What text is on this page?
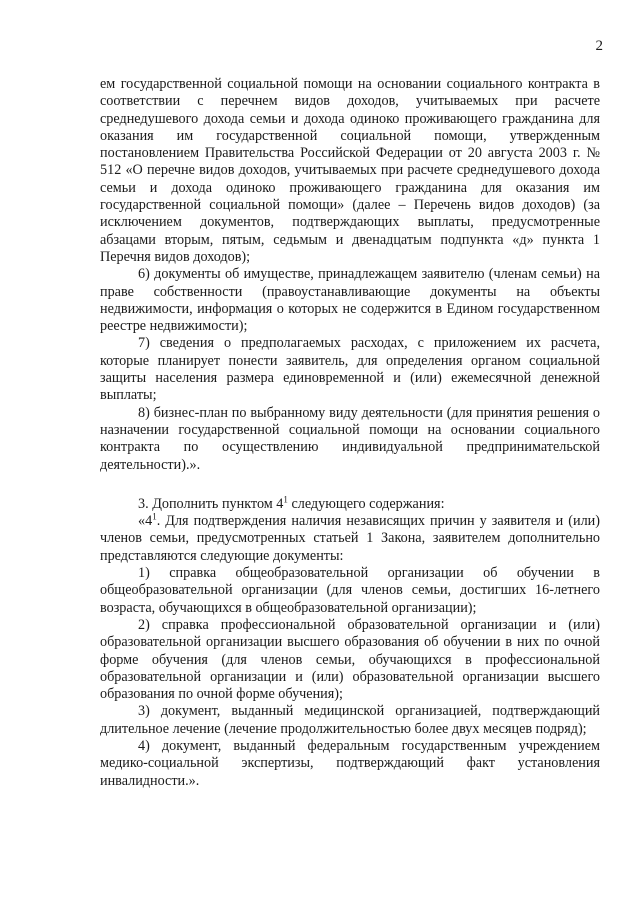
2

ем государственной социальной помощи на основании социального контракта в соответствии с перечнем видов доходов, учитываемых при расчете среднедушевого дохода семьи и дохода одиноко проживающего гражданина для оказания им государственной социальной помощи, утвержденным постановлением Правительства Российской Федерации от 20 августа 2003 г. № 512 «О перечне видов доходов, учитываемых при расчете среднедушевого дохода семьи и дохода одиноко проживающего гражданина для оказания им государственной социальной помощи» (далее – Перечень видов доходов) (за исключением документов, подтверждающих выплаты, предусмотренные абзацами вторым, пятым, седьмым и двенадцатым подпункта «д» пункта 1 Перечня видов доходов);

6) документы об имуществе, принадлежащем заявителю (членам семьи) на праве собственности (правоустанавливающие документы на объекты недвижимости, информация о которых не содержится в Едином государственном реестре недвижимости);

7) сведения о предполагаемых расходах, с приложением их расчета, которые планирует понести заявитель, для определения органом социальной защиты населения размера единовременной и (или) ежемесячной денежной выплаты;

8) бизнес-план по выбранному виду деятельности (для принятия решения о назначении государственной социальной помощи на основании социального контракта по осуществлению индивидуальной предпринимательской деятельности).».

3. Дополнить пунктом $4^1$ следующего содержания:

«$4^1$. Для подтверждения наличия независящих причин у заявителя и (или) членов семьи, предусмотренных статьей 1 Закона, заявителем дополнительно представляются следующие документы:

1) справка общеобразовательной организации об обучении в общеобразовательной организации (для членов семьи, достигших 16-летнего возраста, обучающихся в общеобразовательной организации);

2) справка профессиональной образовательной организации и (или) образовательной организации высшего образования об обучении в них по очной форме обучения (для членов семьи, обучающихся в профессиональной образовательной организации и (или) образовательной организации высшего образования по очной форме обучения);

3) документ, выданный медицинской организацией, подтверждающий длительное лечение (лечение продолжительностью более двух месяцев подряд);

4) документ, выданный федеральным государственным учреждением медико-социальной экспертизы, подтверждающий факт установления инвалидности.».
